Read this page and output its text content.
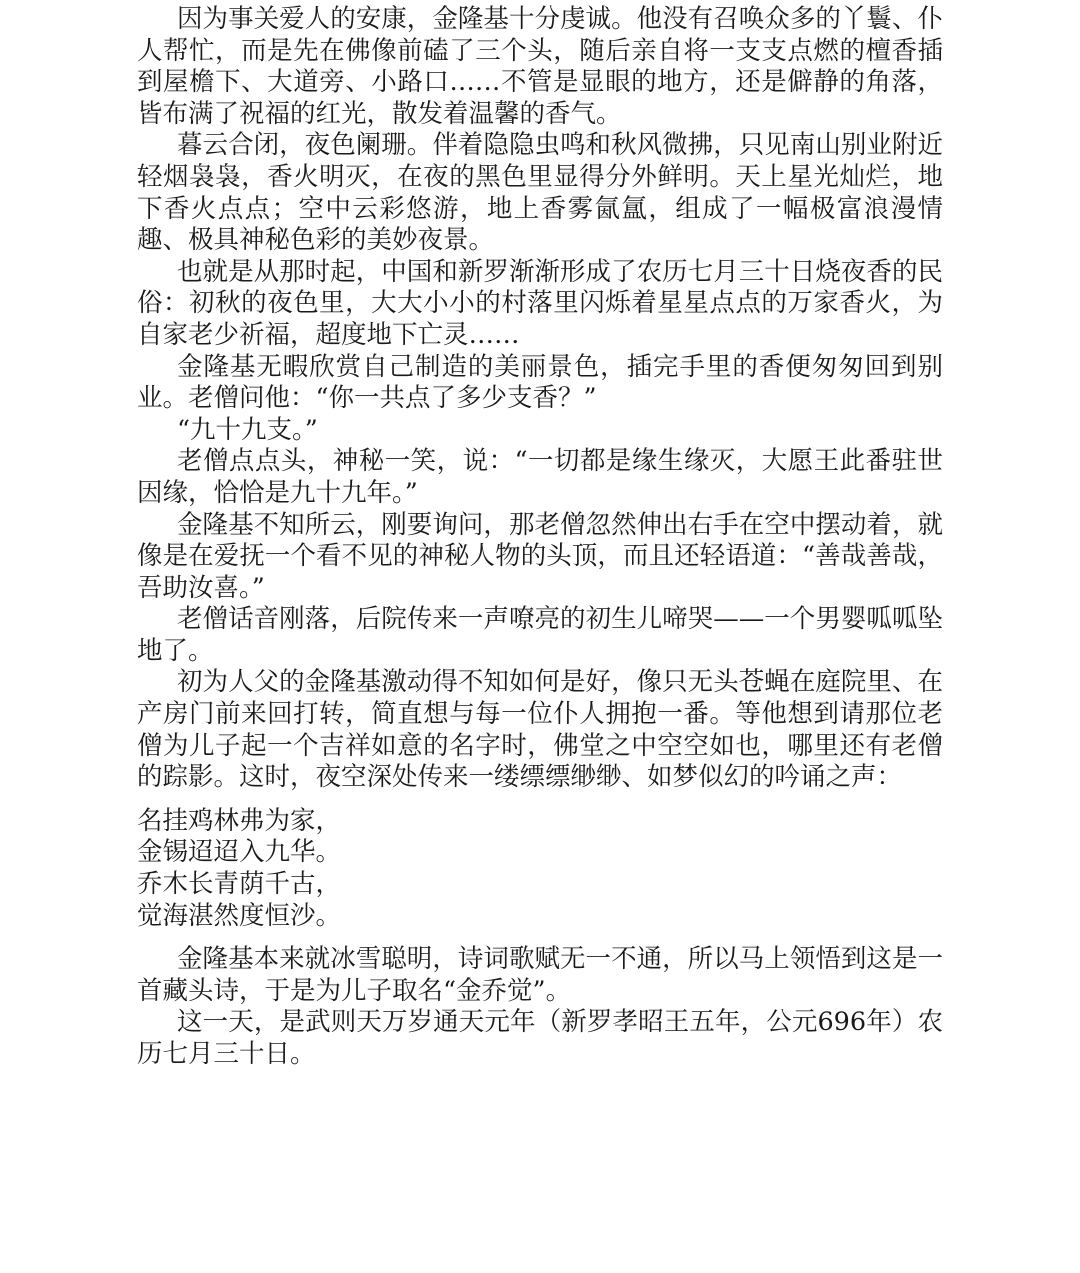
因为事关爱人的安康，金隆基十分虔诚。他没有召唤众多的丫鬟、仆人帮忙，而是先在佛像前磕了三个头，随后亲自将一支支点燃的檀香插到屋檐下、大道旁、小路口……不管是显眼的地方，还是僻静的角落，皆布满了祝福的红光，散发着温馨的香气。

暮云合闭，夜色阑珊。伴着隐隐虫鸣和秋风微拂，只见南山别业附近轻烟袅袅，香火明灭，在夜的黑色里显得分外鲜明。天上星光灿烂，地下香火点点；空中云彩悠游，地上香雾氤氲，组成了一幅极富浪漫情趣、极具神秘色彩的美妙夜景。

也就是从那时起，中国和新罗渐渐形成了农历七月三十日烧夜香的民俗：初秋的夜色里，大大小小的村落里闪烁着星星点点的万家香火，为自家老少祈福，超度地下亡灵……

金隆基无暇欣赏自己制造的美丽景色，插完手里的香便匆匆回到别业。老僧问他：“你一共点了多少支香？”

“九十九支。”

老僧点点头，神秘一笑，说：“一切都是缘生缘灭，大愿王此番驻世因缘，恰恰是九十九年。”

金隆基不知所云，刚要询问，那老僧忽然伸出右手在空中摆动着，就像是在爱抚一个看不见的神秘人物的头顶，而且还轻语道：“善哉善哉，吾助汝喜。”

老僧话音刚落，后院传来一声嘹亮的初生儿啼哭——一个男婴呱呱坠地了。

初为人父的金隆基激动得不知如何是好，像只无头苍蝇在庭院里、在产房门前来回打转，简直想与每一位仆人拥抱一番。等他想到请那位老僧为儿子起一个吉祥如意的名字时，佛堂之中空空如也，哪里还有老僧的踪影。这时，夜空深处传来一缕缥缥缈缈、如梦似幻的吟诵之声：

名挂鸡林弗为家，
金锡迢迢入九华。
乔木长青荫千古，
觉海湛然度恒沙。

金隆基本来就冰雪聪明，诗词歌赋无一不通，所以马上领悟到这是一首藏头诗，于是为儿子取名“金乔觉”。

这一天，是武则天万岁通天元年（新罗孝昭王五年，公元696年）农历七月三十日。
